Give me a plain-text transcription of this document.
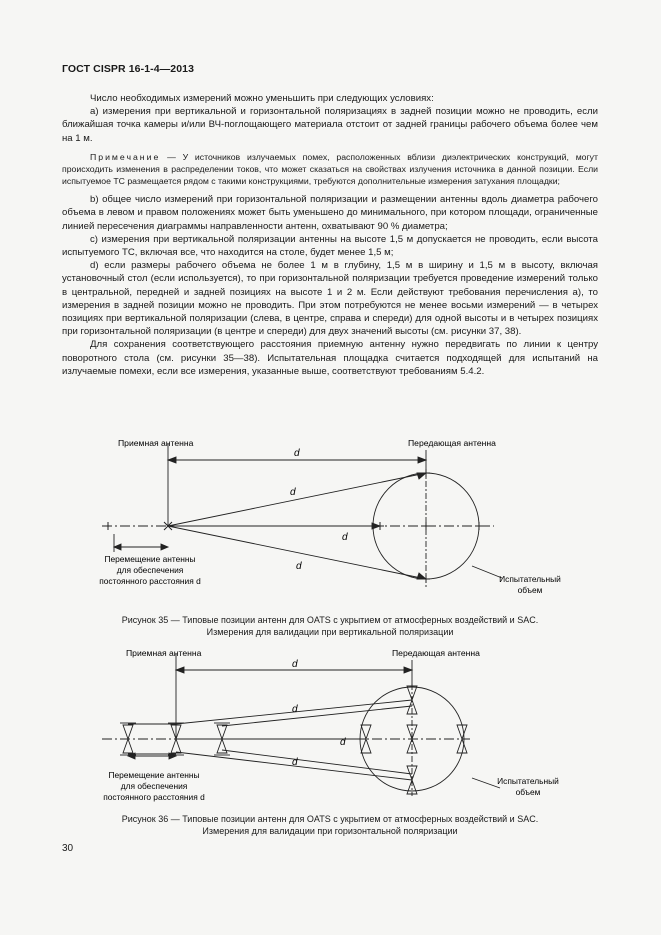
ГОСТ CISPR 16-1-4—2013

Число необходимых измерений можно уменьшить при следующих условиях:

а) измерения при вертикальной и горизонтальной поляризациях в задней позиции можно не проводить, если ближайшая точка камеры и/или ВЧ-поглощающего материала отстоит от задней границы рабочего объема более чем на 1 м.

Примечание — У источников излучаемых помех, расположенных вблизи диэлектрических конструкций, могут происходить изменения в распределении токов, что может сказаться на свойствах излучения источника в данной позиции. Если испытуемое ТС размещается рядом с такими конструкциями, требуются дополнительные измерения затухания площадки;

b) общее число измерений при горизонтальной поляризации и размещении антенны вдоль диаметра рабочего объема в левом и правом положениях может быть уменьшено до минимального, при котором площади, ограниченные линией пересечения диаграммы направленности антенн, охватывают 90 % диаметра;

c) измерения при вертикальной поляризации антенны на высоте 1,5 м допускается не проводить, если высота испытуемого ТС, включая все, что находится на столе, будет менее 1,5 м;

d) если размеры рабочего объема не более 1 м в глубину, 1,5 м в ширину и 1,5 м в высоту, включая установочный стол (если используется), то при горизонтальной поляризации требуется проведение измерений только в центральной, передней и задней позициях на высоте 1 и 2 м. Если действуют требования перечисления а), то измерения в задней позиции можно не проводить. При этом потребуются не менее восьми измерений — в четырех позициях при вертикальной поляризации (слева, в центре, справа и спереди) для одной высоты и в четырех позициях при горизонтальной поляризации (в центре и спереди) для двух значений высоты (см. рисунки 37, 38).

Для сохранения соответствующего расстояния приемную антенну нужно передвигать по линии к центру поворотного стола (см. рисунки 35—38). Испытательная площадка считается подходящей для испытаний на излучаемые помехи, если все измерения, указанные выше, соответствуют требованиям 5.4.2.

Приемная антенна	Передающая антенна
d
d
d
d
Перемещение антенны
для обеспечения
постоянного расстояния d	Испытательный
объем
Рисунок 35 — Типовые позиции антенн для OATS с укрытием от атмосферных воздействий и SAC.
Измерения для валидации при вертикальной поляризации
Приемная антенна	Передающая антенна
d
d
d
d
Перемещение антенны
для обеспечения
постоянного расстояния d
Испытательный
объем
Рисунок 36 — Типовые позиции антенн для OATS с укрытием от атмосферных воздействий и SAC.
Измерения для валидации при горизонтальной поляризации
30
